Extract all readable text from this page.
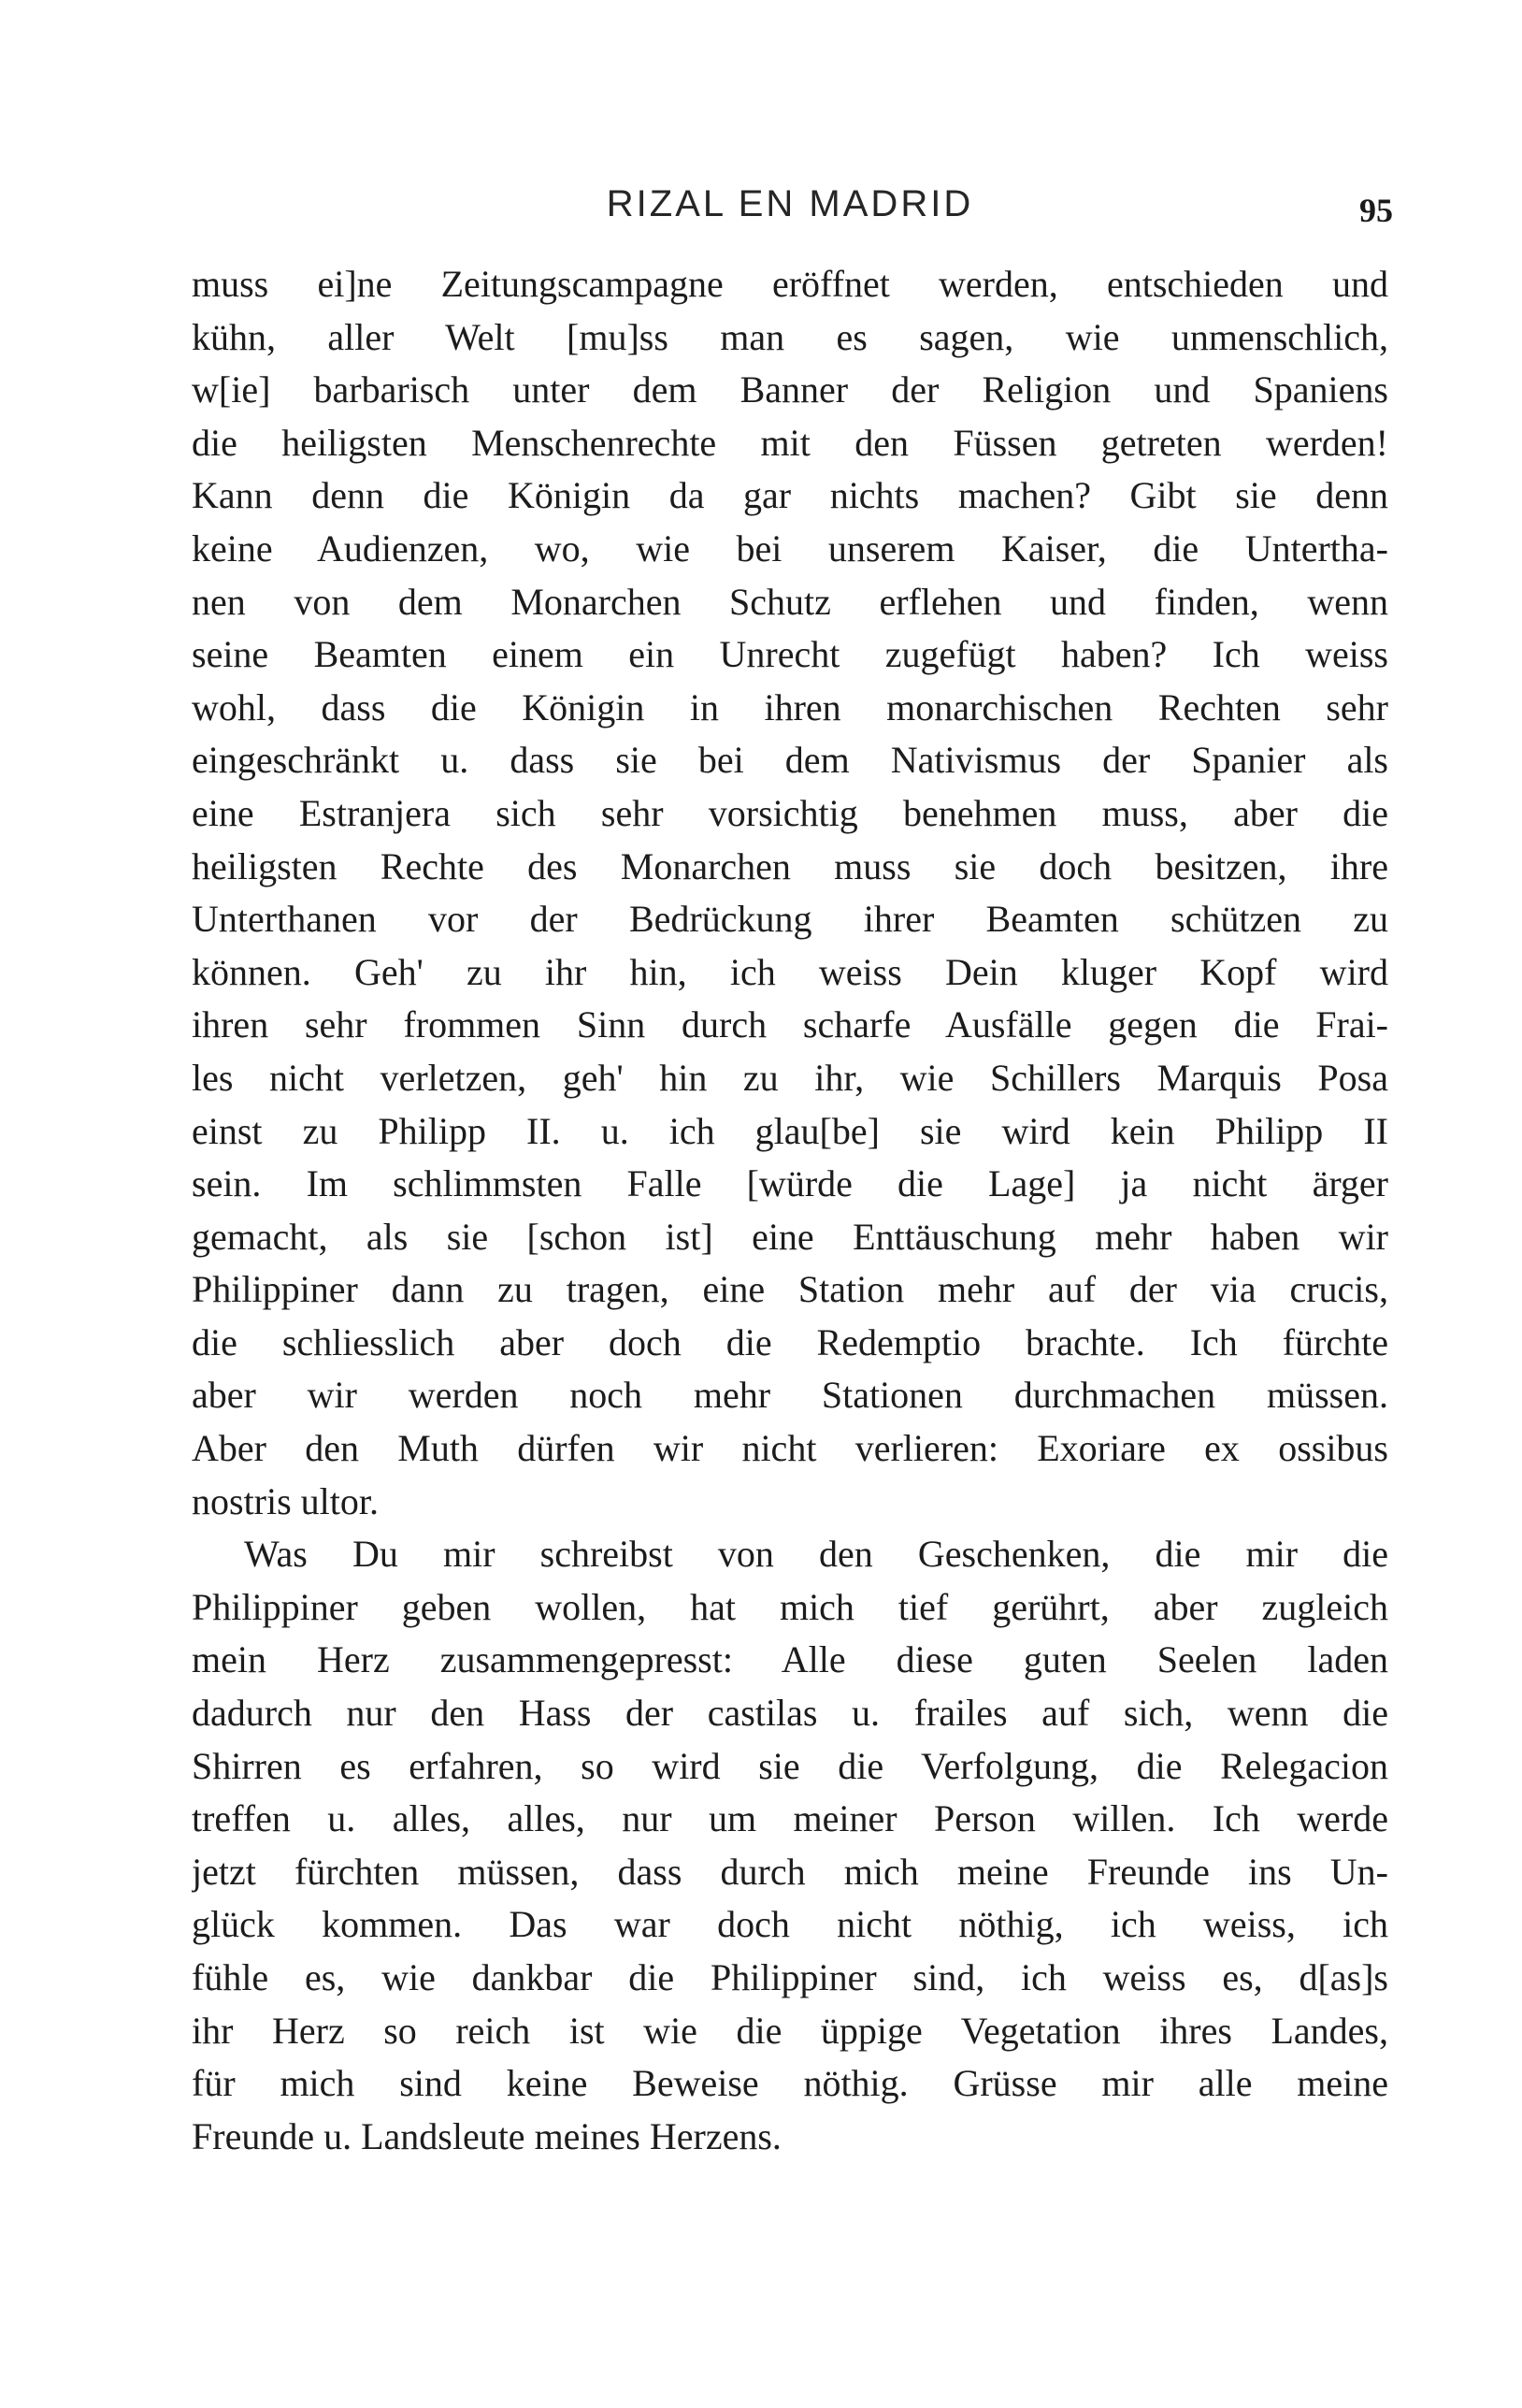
RIZAL EN MADRID	95
muss ei]ne Zeitungscampagne eröffnet werden, entschieden und
kühn, aller Welt [mu]ss man es sagen, wie unmenschlich,
w[ie] barbarisch unter dem Banner der Religion und Spaniens
die heiligsten Menschenrechte mit den Füssen getreten werden!
Kann denn die Königin da gar nichts machen? Gibt sie denn
keine Audienzen, wo, wie bei unserem Kaiser, die Untertha-
nen von dem Monarchen Schutz erflehen und finden, wenn
seine Beamten einem ein Unrecht zugefügt haben? Ich weiss
wohl, dass die Königin in ihren monarchischen Rechten sehr
eingeschränkt u. dass sie bei dem Nativismus der Spanier als
eine Estranjera sich sehr vorsichtig benehmen muss, aber die
heiligsten Rechte des Monarchen muss sie doch besitzen, ihre
Unterthanen vor der Bedrückung ihrer Beamten schützen zu
können. Geh' zu ihr hin, ich weiss Dein kluger Kopf wird
ihren sehr frommen Sinn durch scharfe Ausfälle gegen die Frai-
les nicht verletzen, geh' hin zu ihr, wie Schillers Marquis Posa
einst zu Philipp II. u. ich glau[be] sie wird kein Philipp II
sein. Im schlimmsten Falle [würde die Lage] ja nicht ärger
gemacht, als sie [schon ist] eine Enttäuschung mehr haben wir
Philippiner dann zu tragen, eine Station mehr auf der via crucis,
die schliesslich aber doch die Redemptio brachte. Ich fürchte
aber wir werden noch mehr Stationen durchmachen müssen.
Aber den Muth dürfen wir nicht verlieren: Exoriare ex ossibus
nostris ultor.
Was Du mir schreibst von den Geschenken, die mir die
Philippiner geben wollen, hat mich tief gerührt, aber zugleich
mein Herz zusammengepresst: Alle diese guten Seelen laden
dadurch nur den Hass der castilas u. frailes auf sich, wenn die
Shirren es erfahren, so wird sie die Verfolgung, die Relegacion
treffen u. alles, alles, nur um meiner Person willen. Ich werde
jetzt fürchten müssen, dass durch mich meine Freunde ins Un-
glück kommen. Das war doch nicht nöthig, ich weiss, ich
fühle es, wie dankbar die Philippiner sind, ich weiss es, d[as]s
ihr Herz so reich ist wie die üppige Vegetation ihres Landes,
für mich sind keine Beweise nöthig. Grüsse mir alle meine
Freunde u. Landsleute meines Herzens.
